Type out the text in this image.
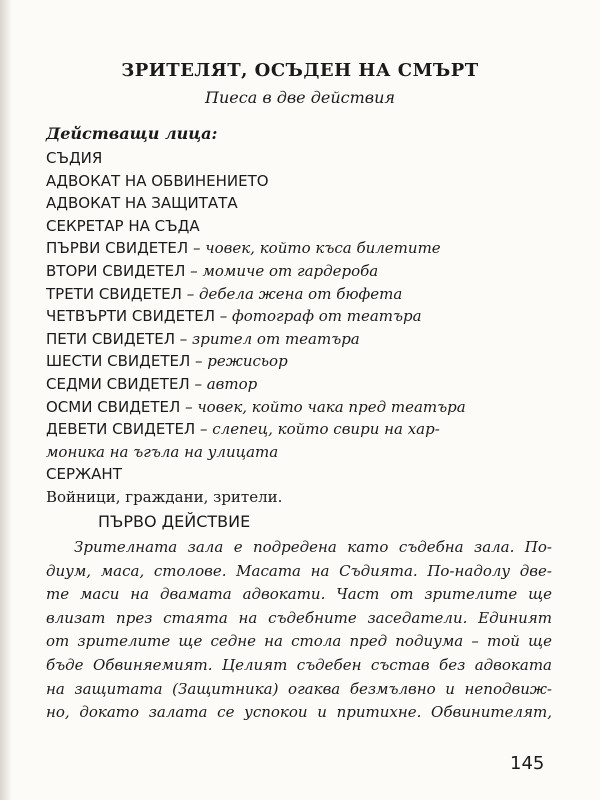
ЗРИТЕЛЯТ, ОСЪДЕН НА СМЪРТ
Пиеса в две действия
Действащи лица:
СЪДИЯ
АДВОКАТ НА ОБВИНЕНИЕТО
АДВОКАТ НА ЗАЩИТАТА
СЕКРЕТАР НА СЪДА
ПЪРВИ СВИДЕТЕЛ – човек, който къса билетите
ВТОРИ СВИДЕТЕЛ – момиче от гардероба
ТРЕТИ СВИДЕТЕЛ – дебела жена от бюфета
ЧЕТВЪРТИ СВИДЕТЕЛ – фотограф от театъра
ПЕТИ СВИДЕТЕЛ – зрител от театъра
ШЕСТИ СВИДЕТЕЛ – режисьор
СЕДМИ СВИДЕТЕЛ – автор
ОСМИ СВИДЕТЕЛ – човек, който чака пред театъра
ДЕВЕТИ СВИДЕТЕЛ – слепец, който свири на хар-
моника на ъгъла на улицата
СЕРЖАНТ
Войници, граждани, зрители.
ПЪРВО ДЕЙСТВИЕ
Зрителната зала е подредена като съдебна зала. По-
диум, маса, столове. Масата на Съдията. По-надолу две-
те маси на двамата адвокати. Част от зрителите ще
влизат през стаята на съдебните заседатели. Единият
от зрителите ще седне на стола пред подиума – той ще
бъде Обвиняемият. Целият съдебен състав без адвоката
на защитата (Защитника) огаква безмълвно и неподвиж-
но, докато залата се успокои и притихне. Обвинителят,
145
